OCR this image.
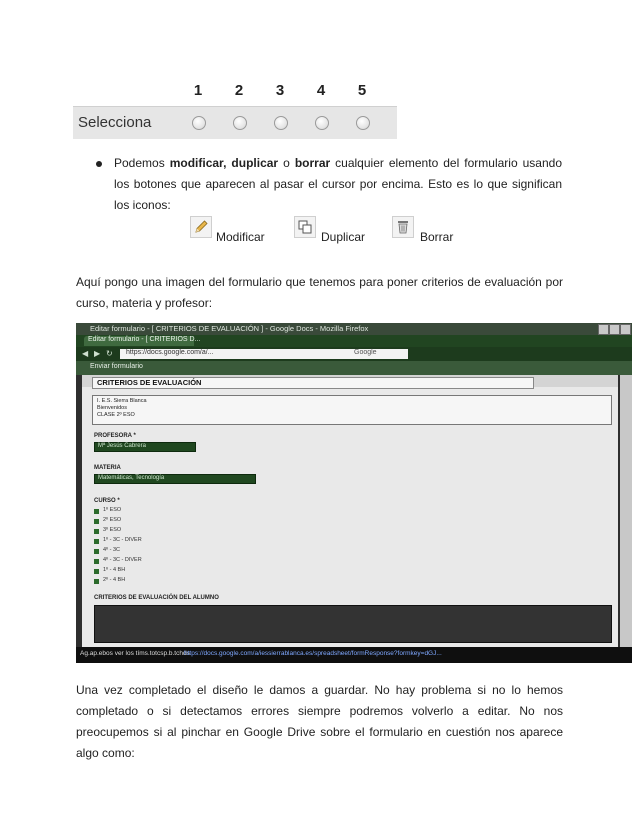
1	2	3	4	5
Selecciona

Podemos modificar, duplicar o borrar cualquier elemento del formulario usando los botones que aparecen al pasar el cursor por encima. Esto es lo que significan los iconos:

Modificar	Duplicar	Borrar

Aquí pongo una imagen del formulario que tenemos para poner criterios de evaluación por curso, materia y profesor:

Editar formulario - [ CRITERIOS DE EVALUACIÓN ] - Google Docs - Mozilla Firefox
Editar formulario - [ CRITERIOS D...
◀ ▶ ↻ https://docs.google.com/a/...	Google
Enviar formulario
CRITERIOS DE EVALUACIÓN
I. E.S. Sierra Blanca
Bienvenidos
CLASE 2º ESO
PROFESORA *
Mª Jesús Cabrera
MATERIA
Matemáticas, Tecnología
CURSO *
1º ESO
2º ESO
3º ESO
1º - 3C - DIVER
4º - 3C
4º - 3C - DIVER
1º - 4 BH
2º - 4 BH
CRITERIOS DE EVALUACIÓN DEL ALUMNO
Ag.ap.ebos ver los tíms.totcsp.b.tchds
https://docs.google.com/a/iessierrablanca.es/spreadsheet/formResponse?formkey=dGJ...

Una vez completado el diseño le damos a guardar. No hay problema si no lo hemos completado o si detectamos errores siempre podremos volverlo a editar. No nos preocupemos si al pinchar en Google Drive sobre el formulario en cuestión nos aparece algo como:
